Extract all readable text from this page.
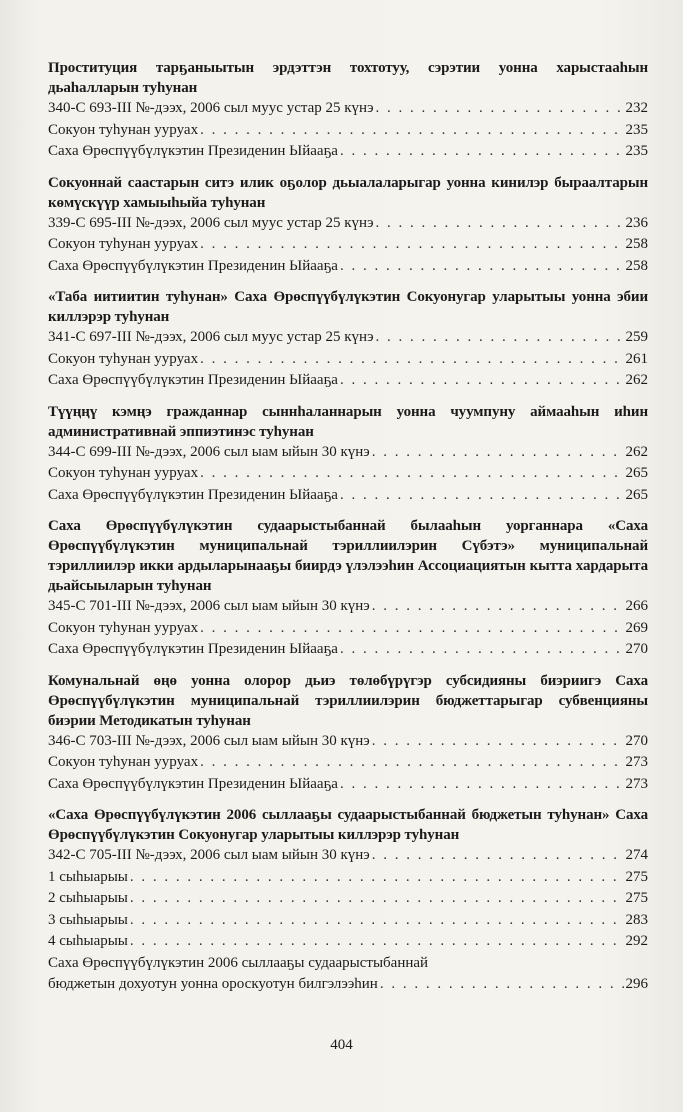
Проституция тарҕаныытын эрдэттэн тохтотуу, сэрэтии уонна харыстааһын дьаһалларын туһунан
340-С 693-III №-дээх, 2006 сыл муус устар 25 күнэ . . .	232
Сокуон туһунан ууруах . . .	235
Саха Өрөспүүбүлүкэтин Президенин Ыйааҕа . . .	235
Сокуоннай саастарын ситэ илик оҕолор дьыалаларыгар уонна кинилэр быраалтарын көмүскүүр хамыыһыйа туһунан
339-С 695-III №-дээх, 2006 сыл муус устар 25 күнэ . . .	236
Сокуон туһунан ууруах . . .	258
Саха Өрөспүүбүлүкэтин Президенин Ыйааҕа . . .	258
«Таба иитиитин туһунан» Саха Өрөспүүбүлүкэтин Сокуонугар уларытыы уонна эбии киллэрэр туһунан
341-С 697-III №-дээх, 2006 сыл муус устар 25 күнэ . . .	259
Сокуон туһунан ууруах . . .	261
Саха Өрөспүүбүлүкэтин Президенин Ыйааҕа . . .	262
Түүңңү кэмңэ гражданнар сыннһаланнарын уонна чуумпуну аймааһын иһин административнай эппиэтинэс туһунан
344-С 699-III №-дээх, 2006 сыл ыам ыйын 30 күнэ . . .	262
Сокуон туһунан ууруах . . .	265
Саха Өрөспүүбүлүкэтин Президенин Ыйааҕа . . .	265
Саха Өрөспүүбүлүкэтин судаарыстыбаннай былааһын уорганнара «Саха Өрөспүүбүлүкэтин муниципальнай тэриллиилэрин Сүбэтэ» муниципальнай тэриллиилэр икки ардыларынааҕы биирдэ үлэлээһин Ассоциациятын кытта хардарыта дьайсыыларын туһунан
345-С 701-III №-дээх, 2006 сыл ыам ыйын 30 күнэ . . .	266
Сокуон туһунан ууруах . . .	269
Саха Өрөспүүбүлүкэтин Президенин Ыйааҕа . . .	270
Комунальнай өңө уонна олорор дьиэ төлөбүрүгэр субсидияны биэриигэ Саха Өрөспүүбүлүкэтин муниципальнай тэриллиилэрин бюджеттарыгар субвенцияны биэрии Методикатын туһунан
346-С 703-III №-дээх, 2006 сыл ыам ыйын 30 күнэ . . .	270
Сокуон туһунан ууруах . . .	273
Саха Өрөспүүбүлүкэтин Президенин Ыйааҕа . . .	273
«Саха Өрөспүүбүлүкэтин 2006 сыллааҕы судаарыстыбаннай бюджетын туһунан» Саха Өрөспүүбүлүкэтин Сокуонугар уларытыы киллэрэр туһунан
342-С 705-III №-дээх, 2006 сыл ыам ыйын 30 күнэ . . .	274
1 сыһыарыы . . .	275
2 сыһыарыы . . .	275
3 сыһыарыы . . .	283
4 сыһыарыы . . .	292
Саха Өрөспүүбүлүкэтин 2006 сыллааҕы судаарыстыбаннай
бюджетын дохуотун уонна ороскуотун билгэлээһин . . .	296
404
